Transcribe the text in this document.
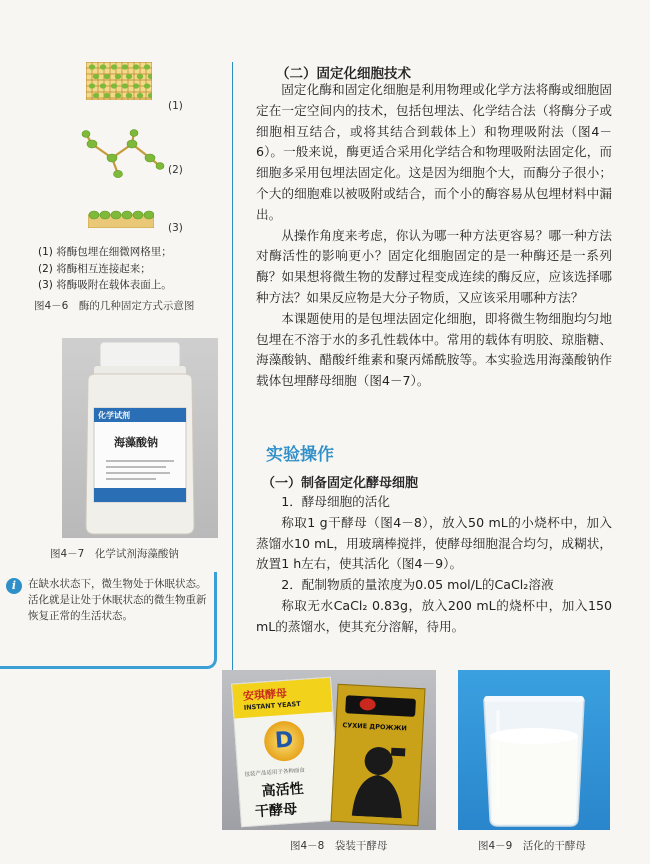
(1)
(2)
(3)

(1) 将酶包埋在细微网格里；

(2) 将酶相互连接起来；

(3) 将酶吸附在载体表面上。

图4－6　酶的几种固定方式示意图
化学试剂
海藻酸钠
图4－7　化学试剂海藻酸钠
i	在缺水状态下，微生物处于休眠状态。活化就是让处于休眠状态的微生物重新恢复正常的生活状态。
（二）固定化细胞技术

固定化酶和固定化细胞是利用物理或化学方法将酶或细胞固定在一定空间内的技术，包括包埋法、化学结合法（将酶分子或细胞相互结合，或将其结合到载体上）和物理吸附法（图4－6）。一般来说，酶更适合采用化学结合和物理吸附法固定化，而细胞多采用包埋法固定化。这是因为细胞个大，而酶分子很小；个大的细胞难以被吸附或结合，而个小的酶容易从包埋材料中漏出。

从操作角度来考虑，你认为哪一种方法更容易？哪一种方法对酶活性的影响更小？固定化细胞固定的是一种酶还是一系列酶？如果想将微生物的发酵过程变成连续的酶反应，应该选择哪种方法？如果反应物是大分子物质，又应该采用哪种方法？

本课题使用的是包埋法固定化细胞，即将微生物细胞均匀地包埋在不溶于水的多孔性载体中。常用的载体有明胶、琼脂糖、海藻酸钠、醋酸纤维素和聚丙烯酰胺等。本实验选用海藻酸钠作载体包埋酵母细胞（图4－7）。

实验操作
（一）制备固定化酵母细胞

1．酵母细胞的活化

称取1 g干酵母（图4－8），放入50 mL的小烧杯中，加入蒸馏水10 mL，用玻璃棒搅拌，使酵母细胞混合均匀，成糊状，放置1 h左右，使其活化（图4－9）。

2．配制物质的量浓度为0.05 mol/L的CaCl₂溶液

称取无水CaCl₂ 0.83g，放入200 mL的烧杯中，加入150 mL的蒸馏水，使其充分溶解，待用。

安琪酵母
INSTANT YEAST
D
包装产品适用于各种面食
高活性
干酵母
СУХИЕ ДРОЖЖИ
图4－8　袋装干酵母	图4－9　活化的干酵母
